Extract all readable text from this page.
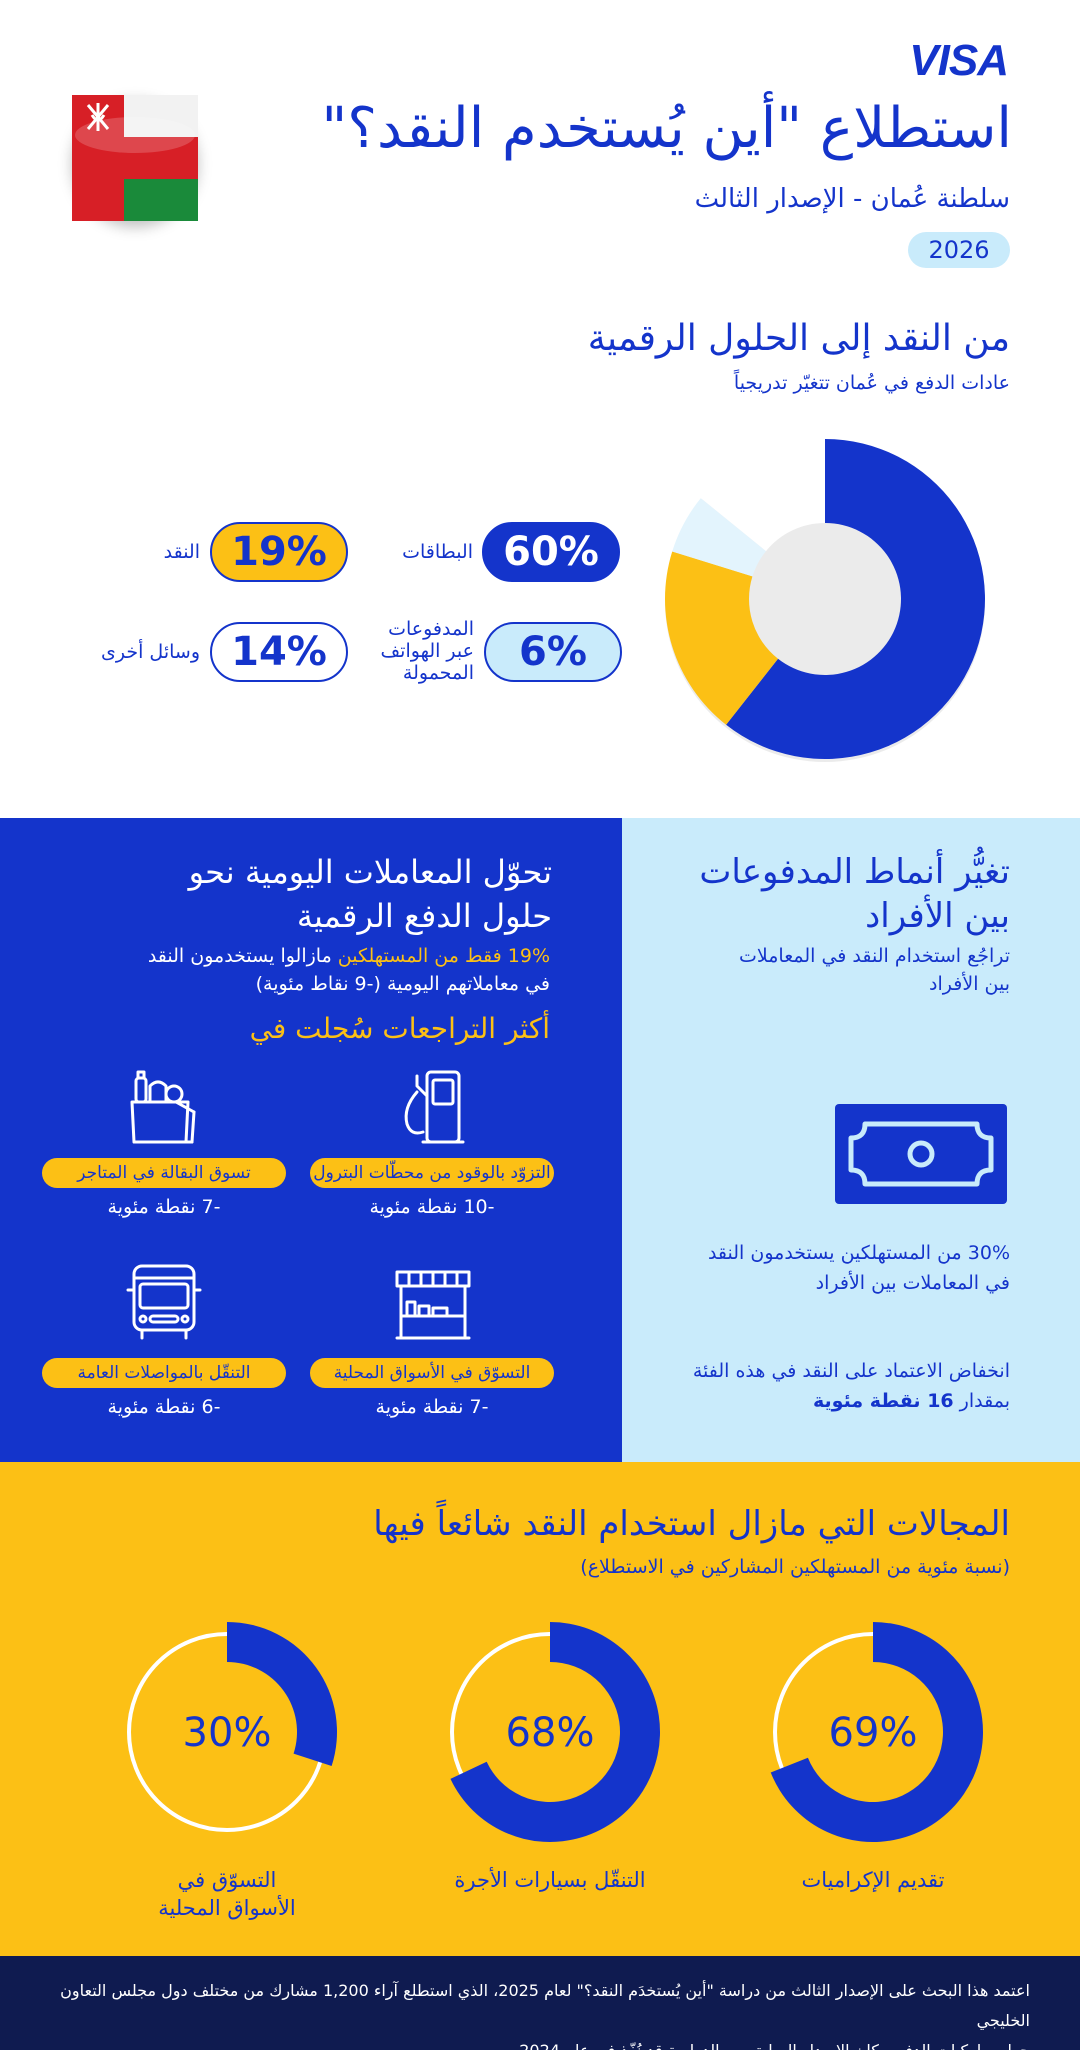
VISA
استطلاع "أين يُستخدم النقد؟"
سلطنة عُمان - الإصدار الثالث
2026
من النقد إلى الحلول الرقمية
عادات الدفع في عُمان تتغيّر تدريجياً
60%
البطاقات
19%
النقد
6%
المدفوعات
عبر الهواتف
المحمولة
14%
وسائل أخرى
تحوّل المعاملات اليومية نحو
حلول الدفع الرقمية
19% فقط من المستهلكين مازالوا يستخدمون النقد
في معاملاتهم اليومية (-9 نقاط مئوية)
أكثر التراجعات سُجلت في
التزوّد بالوقود من محطّات البترول
-10 نقطة مئوية
تسوق البقالة في المتاجر
-7 نقطة مئوية
التسوّق في الأسواق المحلية
-7 نقطة مئوية
التنقّل بالمواصلات العامة
-6 نقطة مئوية
تغيُّر أنماط المدفوعات
بين الأفراد
تراجُع استخدام النقد في المعاملات
بين الأفراد
30% من المستهلكين يستخدمون النقد
في المعاملات بين الأفراد
انخفاض الاعتماد على النقد في هذه الفئة
بمقدار 16 نقطة مئوية
المجالات التي مازال استخدام النقد شائعاً فيها
(نسبة مئوية من المستهلكين المشاركين في الاستطلاع)
69%
68%
30%
تقديم الإكراميات
التنقّل بسيارات الأجرة
التسوّق في
الأسواق المحلية
اعتمد هذا البحث على الإصدار الثالث من دراسة "أين يُستخدَم النقد؟" لعام 2025، الذي استطلع آراء 1,200 مشارك من مختلف دول مجلس التعاون الخليجي
حول سلوكيات الدفع. وكان الإصدار السابق من الدراسة قد نُفّذ في عام 2024.
